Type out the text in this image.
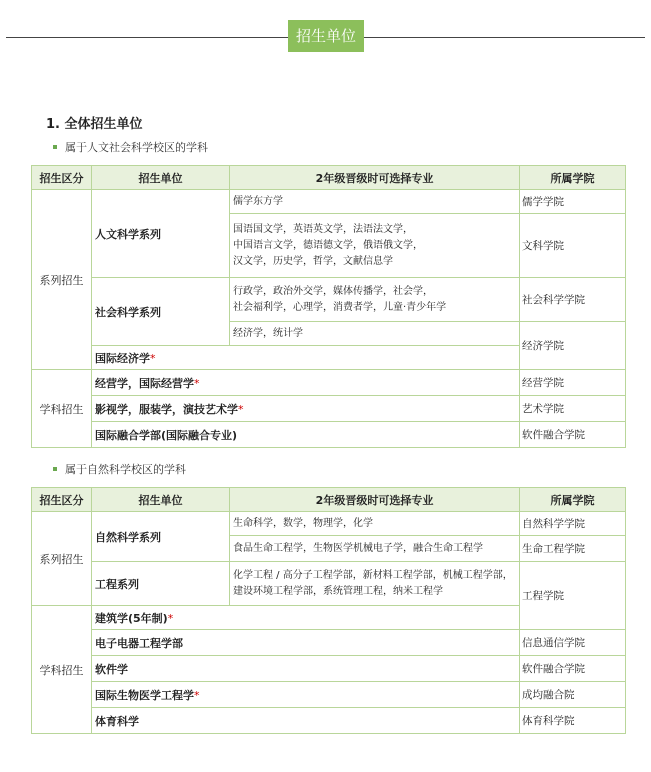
招生单位
1. 全体招生单位
属于人文社会科学校区的学科
招生区分	招生单位	2年级晋级时可选择专业	所属学院
系列招生	人文科学系列	儒学东方学	儒学学院

		国语国文学，英语英文学，法语法文学，
中国语言文学，德语德文学，俄语俄文学，
汉文学，历史学，哲学，文献信息学	文科学院
	社会科学系列	行政学，政治外交学，媒体传播学，社会学，
社会福利学，心理学，消费者学，儿童·青少年学	社会科学学院
		经济学，统计学	经济学院
	国际经济学*		
学科招生	经营学，国际经营学*		经营学院
	影视学，服装学，演技艺术学*		艺术学院
	国际融合学部(国际融合专业)		软件融合学院
属于自然科学校区的学科
招生区分	招生单位	2年级晋级时可选择专业	所属学院
系列招生	自然科学系列	生命科学，数学，物理学，化学	自然科学学院
		食品生命工程学，生物医学机械电子学，融合生命工程学	生命工程学院
	工程系列	化学工程 / 高分子工程学部，新材料工程学部，机械工程学部，
建设环境工程学部，系统管理工程，纳米工程学	工程学院
学科招生	建筑学(5年制)*		
	电子电器工程学部		信息通信学院
	软件学		软件融合学院
	国际生物医学工程学*		成均融合院
	体育科学		体育科学院
